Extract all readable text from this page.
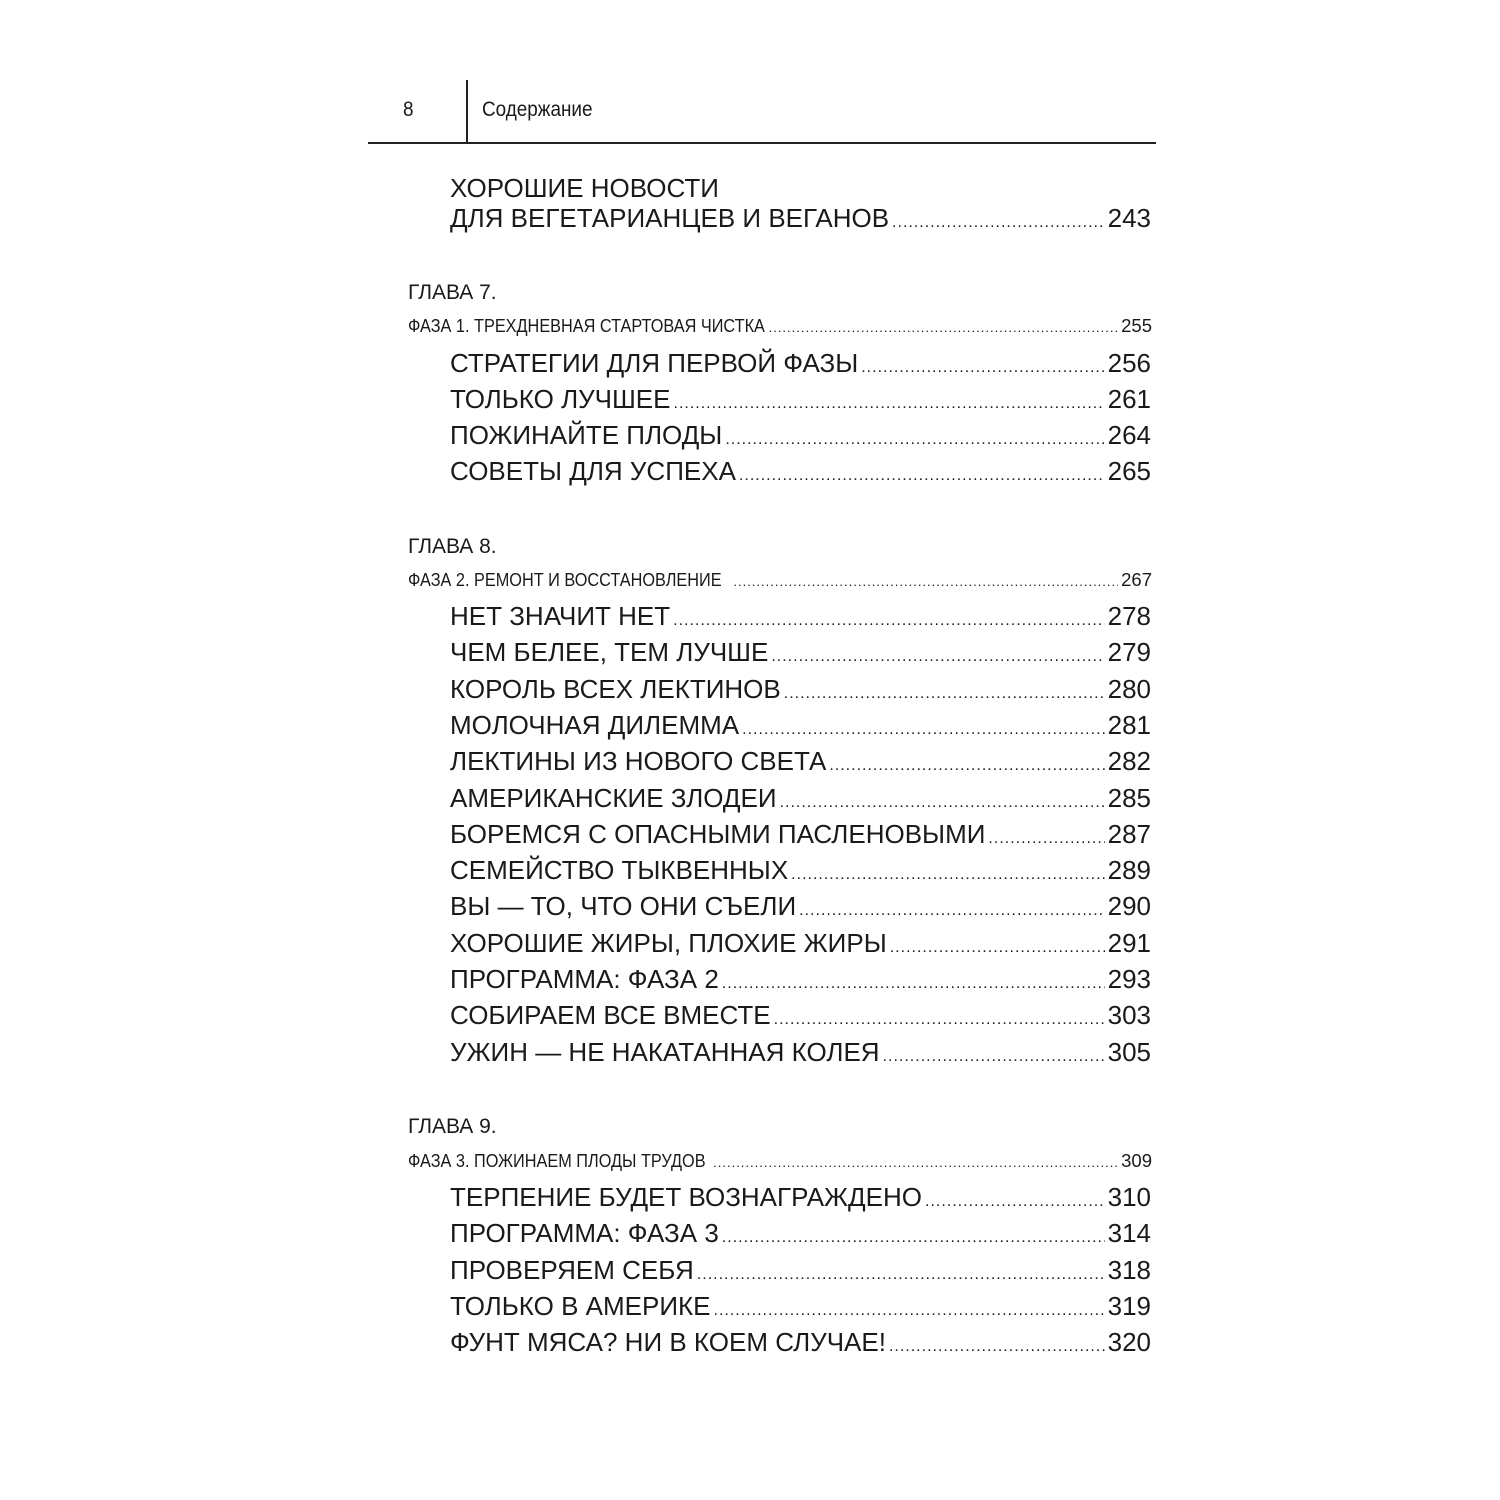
8	Содержание
ХОРОШИЕ НОВОСТИ
ДЛЯ ВЕГЕТАРИАНЦЕВ И ВЕГАНОВ .....	243
ГЛАВА 7.
ФАЗА 1. ТРЕХДНЕВНАЯ СТАРТОВАЯ ЧИСТКА .....	255
СТРАТЕГИИ ДЛЯ ПЕРВОЙ ФАЗЫ .....	256
ТОЛЬКО ЛУЧШЕЕ .....	261
ПОЖИНАЙТЕ ПЛОДЫ .....	264
СОВЕТЫ ДЛЯ УСПЕХА .....	265
ГЛАВА 8.
ФАЗА 2. РЕМОНТ И ВОССТАНОВЛЕНИЕ .....	267
НЕТ ЗНАЧИТ НЕТ .....	278
ЧЕМ БЕЛЕЕ, ТЕМ ЛУЧШЕ .....	279
КОРОЛЬ ВСЕХ ЛЕКТИНОВ .....	280
МОЛОЧНАЯ ДИЛЕММА .....	281
ЛЕКТИНЫ ИЗ НОВОГО СВЕТА .....	282
АМЕРИКАНСКИЕ ЗЛОДЕИ .....	285
БОРЕМСЯ С ОПАСНЫМИ ПАСЛЕНОВЫМИ .....	287
СЕМЕЙСТВО ТЫКВЕННЫХ .....	289
ВЫ — ТО, ЧТО ОНИ СЪЕЛИ .....	290
ХОРОШИЕ ЖИРЫ, ПЛОХИЕ ЖИРЫ .....	291
ПРОГРАММА: ФАЗА 2 .....	293
СОБИРАЕМ ВСЕ ВМЕСТЕ .....	303
УЖИН — НЕ НАКАТАННАЯ КОЛЕЯ .....	305
ГЛАВА 9.
ФАЗА 3. ПОЖИНАЕМ ПЛОДЫ ТРУДОВ .....	309
ТЕРПЕНИЕ БУДЕТ ВОЗНАГРАЖДЕНО .....	310
ПРОГРАММА: ФАЗА 3 .....	314
ПРОВЕРЯЕМ СЕБЯ .....	318
ТОЛЬКО В АМЕРИКЕ .....	319
ФУНТ МЯСА? НИ В КОЕМ СЛУЧАЕ! .....	320
